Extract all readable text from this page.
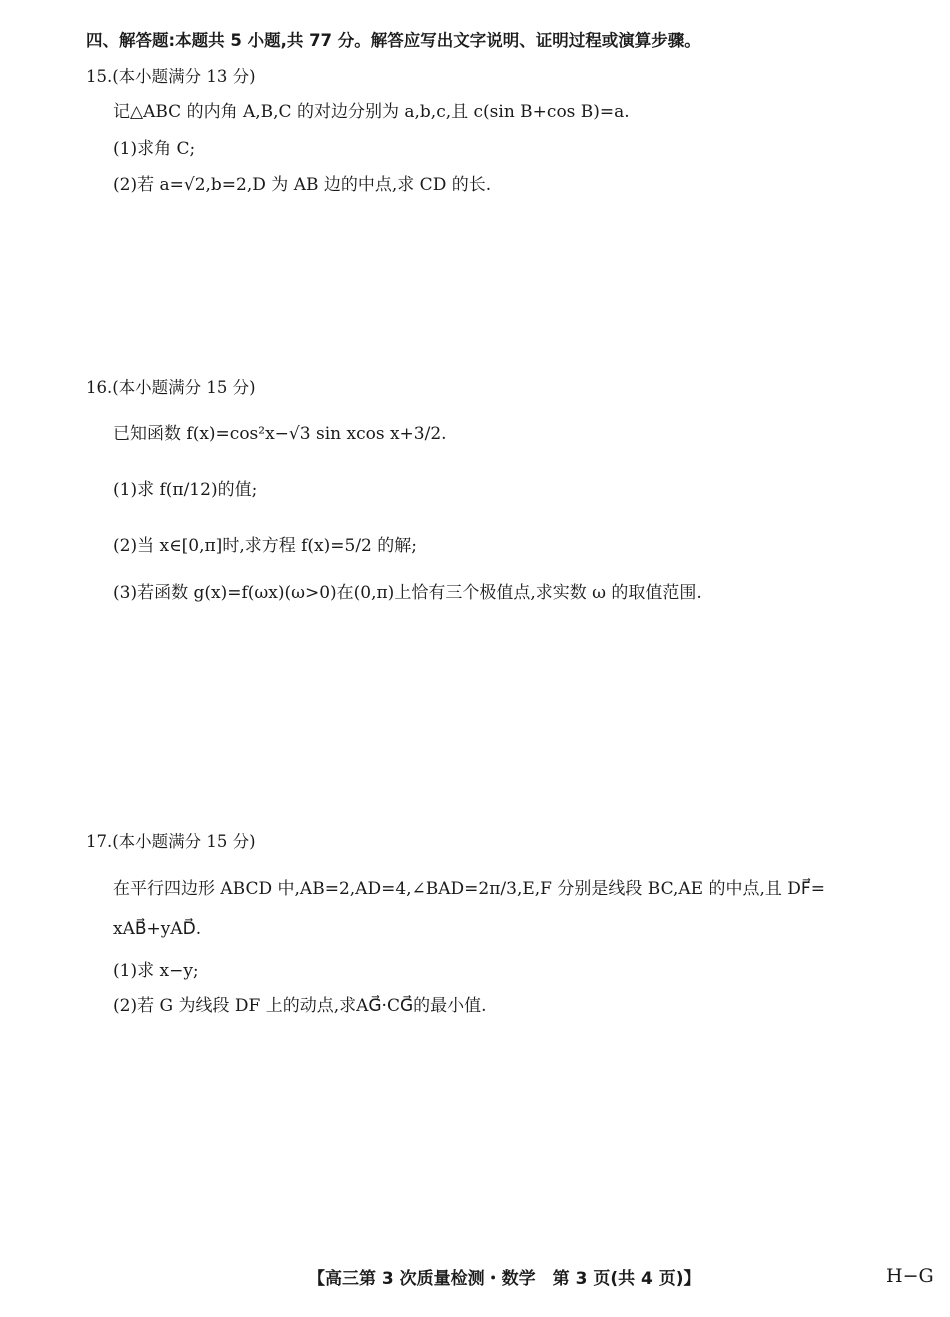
四、解答题:本题共 5 小题,共 77 分。解答应写出文字说明、证明过程或演算步骤。
15.(本小题满分 13 分)
记△ABC 的内角 A,B,C 的对边分别为 a,b,c,且 c(sin B+cos B)=a.
(1)求角 C;
(2)若 a=√2,b=2,D 为 AB 边的中点,求 CD 的长.
16.(本小题满分 15 分)
已知函数 f(x)=cos²x−√3 sin xcos x+3/2.
(1)求 f(π/12)的值;
(2)当 x∈[0,π]时,求方程 f(x)=5/2 的解;
(3)若函数 g(x)=f(ωx)(ω>0)在(0,π)上恰有三个极值点,求实数 ω 的取值范围.
17.(本小题满分 15 分)
在平行四边形 ABCD 中,AB=2,AD=4,∠BAD=2π/3,E,F 分别是线段 BC,AE 的中点,且 DF⃗=
xAB⃗+yAD⃗.
(1)求 x−y;
(2)若 G 为线段 DF 上的动点,求AG⃗·CG⃗的最小值.
【高三第 3 次质量检测・数学　第 3 页(共 4 页)】	H−G
